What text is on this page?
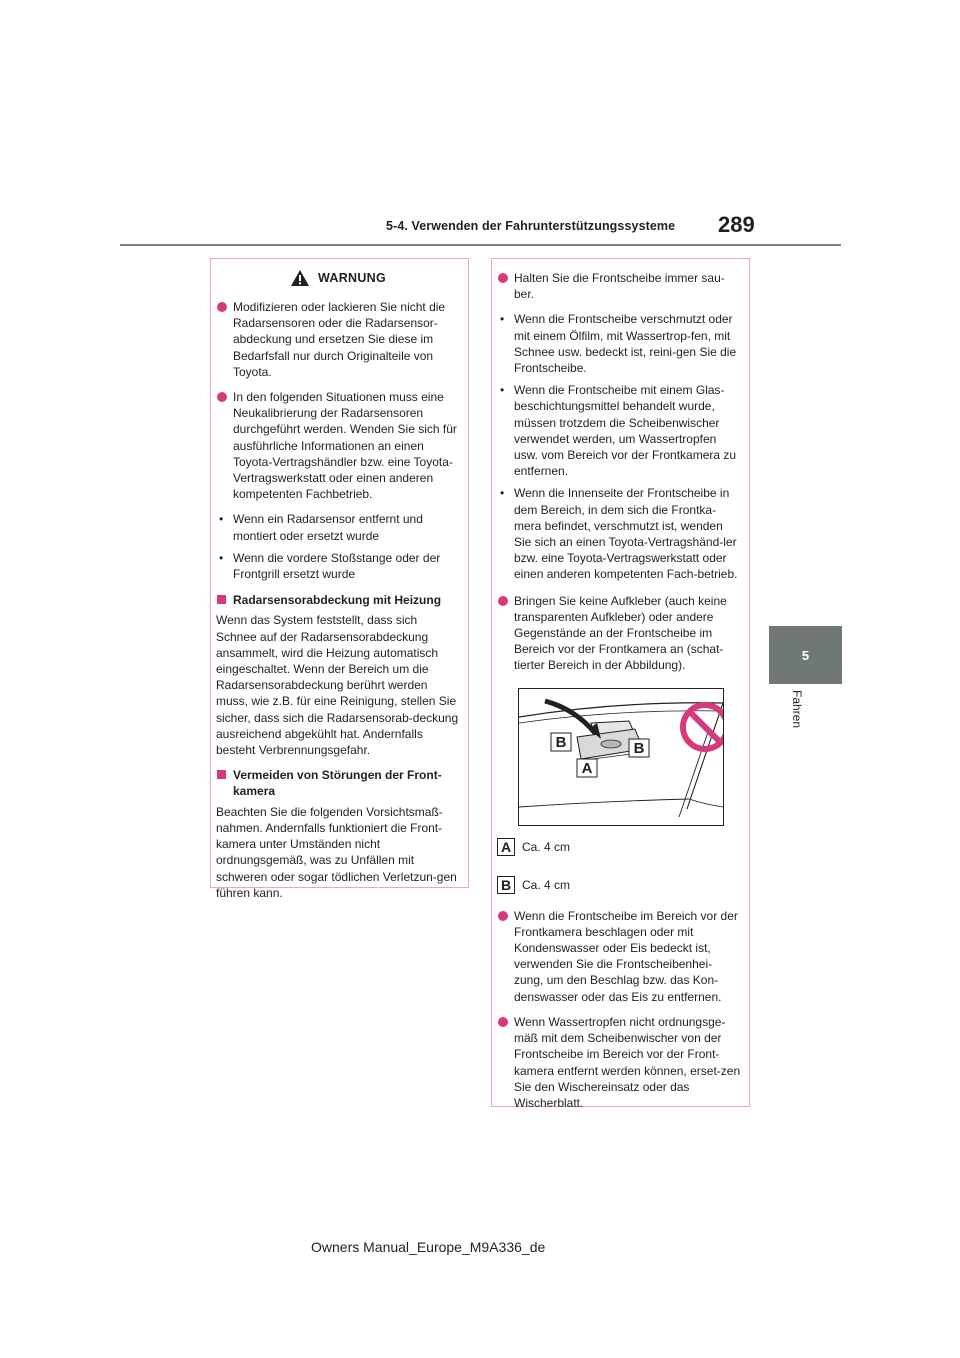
5-4. Verwenden der Fahrunterstützungssysteme 289
5
Fahren
WARNUNG
Modifizieren oder lackieren Sie nicht die Radarsensoren oder die Radarsensor-abdeckung und ersetzen Sie diese im Bedarfsfall nur durch Originalteile von Toyota.
In den folgenden Situationen muss eine Neukalibrierung der Radarsensoren durchgeführt werden. Wenden Sie sich für ausführliche Informationen an einen Toyota-Vertragshändler bzw. eine Toyota-Vertragswerkstatt oder einen anderen kompetenten Fachbetrieb.
• Wenn ein Radarsensor entfernt und montiert oder ersetzt wurde
• Wenn die vordere Stoßstange oder der Frontgrill ersetzt wurde
Radarsensorabdeckung mit Heizung
Wenn das System feststellt, dass sich Schnee auf der Radarsensorabdeckung ansammelt, wird die Heizung automatisch eingeschaltet. Wenn der Bereich um die Radarsensorabdeckung berührt werden muss, wie z.B. für eine Reinigung, stellen Sie sicher, dass sich die Radarsensorab-deckung ausreichend abgekühlt hat. Andernfalls besteht Verbrennungsgefahr.
Vermeiden von Störungen der Front-kamera
Beachten Sie die folgenden Vorsichtsmaß-nahmen. Andernfalls funktioniert die Front-kamera unter Umständen nicht ordnungsgemäß, was zu Unfällen mit schweren oder sogar tödlichen Verletzun-gen führen kann.
Halten Sie die Frontscheibe immer sau-ber.
• Wenn die Frontscheibe verschmutzt oder mit einem Ölfilm, mit Wassertrop-fen, mit Schnee usw. bedeckt ist, reini-gen Sie die Frontscheibe.
• Wenn die Frontscheibe mit einem Glas-beschichtungsmittel behandelt wurde, müssen trotzdem die Scheibenwischer verwendet werden, um Wassertropfen usw. vom Bereich vor der Frontkamera zu entfernen.
• Wenn die Innenseite der Frontscheibe in dem Bereich, in dem sich die Frontka-mera befindet, verschmutzt ist, wenden Sie sich an einen Toyota-Vertragshänd-ler bzw. eine Toyota-Vertragswerkstatt oder einen anderen kompetenten Fach-betrieb.
Bringen Sie keine Aufkleber (auch keine transparenten Aufkleber) oder andere Gegenstände an der Frontscheibe im Bereich vor der Frontkamera an (schat-tierter Bereich in der Abbildung).
B	B
A
A Ca. 4 cm
B Ca. 4 cm
Wenn die Frontscheibe im Bereich vor der Frontkamera beschlagen oder mit Kondenswasser oder Eis bedeckt ist, verwenden Sie die Frontscheibenhei-zung, um den Beschlag bzw. das Kon-denswasser oder das Eis zu entfernen.
Wenn Wassertropfen nicht ordnungsge-mäß mit dem Scheibenwischer von der Frontscheibe im Bereich vor der Front-kamera entfernt werden können, erset-zen Sie den Wischereinsatz oder das Wischerblatt.
Owners Manual_Europe_M9A336_de
